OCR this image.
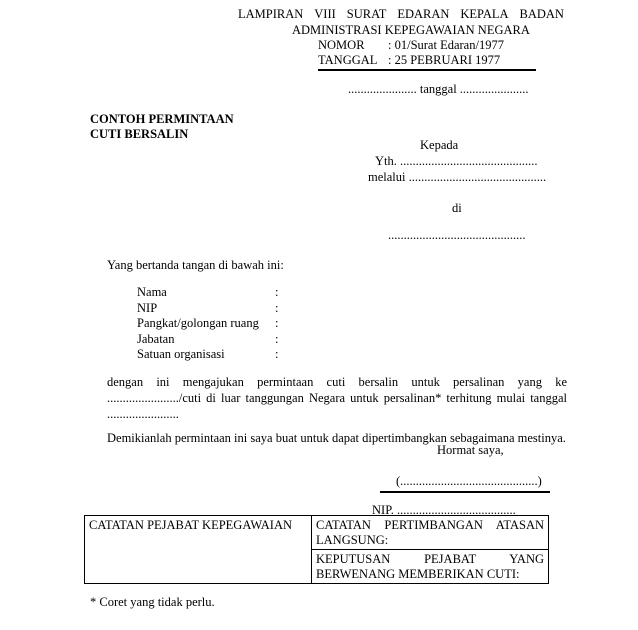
LAMPIRAN VIII SURAT EDARAN KEPALA BADAN
ADMINISTRASI KEPEGAWAIAN NEGARA
NOMOR	: 01/Surat Edaran/1977
TANGGAL : 25 PEBRUARI 1977
...................... tanggal ......................
CONTOH PERMINTAAN
CUTI BERSALIN
Kepada
Yth. ............................................
melalui ............................................
di
............................................
Yang bertanda tangan di bawah ini:
Nama	:
NIP	:
Pangkat/golongan ruang	:
Jabatan	:
Satuan organisasi	:
dengan ini mengajukan permintaan cuti bersalin untuk persalinan yang ke
......................./cuti di luar tanggungan Negara untuk persalinan* terhitung mulai tanggal
.......................
Demikianlah permintaan ini saya buat untuk dapat dipertimbangkan sebagaimana mestinya.
Hormat saya,
(............................................)
NIP. ......................................
CATATAN PEJABAT KEPEGAWAIAN	CATATAN PERTIMBANGAN ATASAN
LANGSUNG:

KEPUTUSAN PEJABAT YANG
BERWENANG MEMBERIKAN CUTI:
* Coret yang tidak perlu.
